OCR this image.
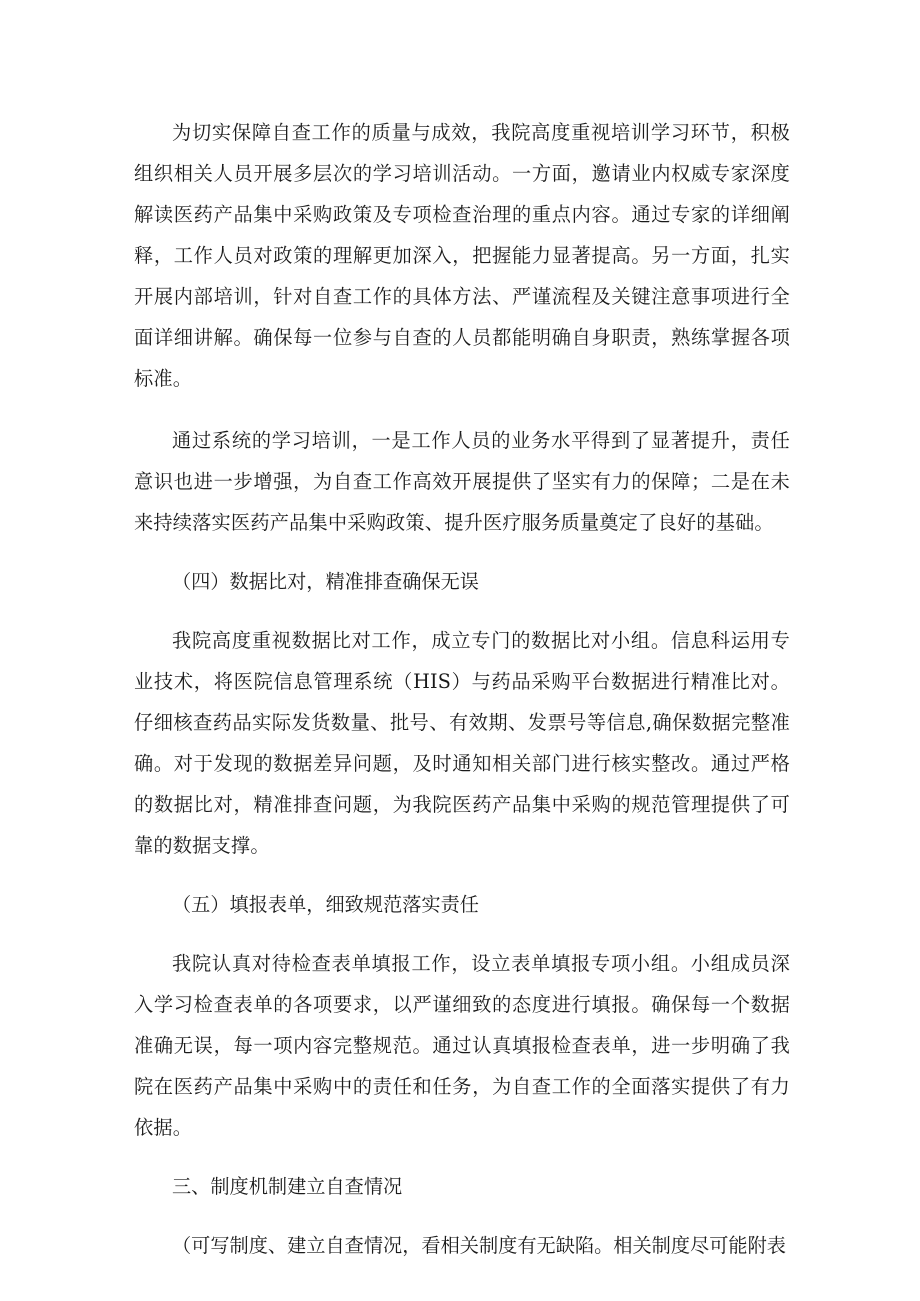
为切实保障自查工作的质量与成效，我院高度重视培训学习环节，积极组织相关人员开展多层次的学习培训活动。一方面，邀请业内权威专家深度解读医药产品集中采购政策及专项检查治理的重点内容。通过专家的详细阐释，工作人员对政策的理解更加深入，把握能力显著提高。另一方面，扎实开展内部培训，针对自查工作的具体方法、严谨流程及关键注意事项进行全面详细讲解。确保每一位参与自查的人员都能明确自身职责，熟练掌握各项标准。

通过系统的学习培训，一是工作人员的业务水平得到了显著提升，责任意识也进一步增强，为自查工作高效开展提供了坚实有力的保障；二是在未来持续落实医药产品集中采购政策、提升医疗服务质量奠定了良好的基础。

（四）数据比对，精准排查确保无误

我院高度重视数据比对工作，成立专门的数据比对小组。信息科运用专业技术，将医院信息管理系统（HIS）与药品采购平台数据进行精准比对。仔细核查药品实际发货数量、批号、有效期、发票号等信息,确保数据完整准确。对于发现的数据差异问题，及时通知相关部门进行核实整改。通过严格的数据比对，精准排查问题，为我院医药产品集中采购的规范管理提供了可靠的数据支撑。

（五）填报表单，细致规范落实责任

我院认真对待检查表单填报工作，设立表单填报专项小组。小组成员深入学习检查表单的各项要求，以严谨细致的态度进行填报。确保每一个数据准确无误，每一项内容完整规范。通过认真填报检查表单，进一步明确了我院在医药产品集中采购中的责任和任务，为自查工作的全面落实提供了有力依据。

三、制度机制建立自查情况

（可写制度、建立自查情况，看相关制度有无缺陷。相关制度尽可能附表
